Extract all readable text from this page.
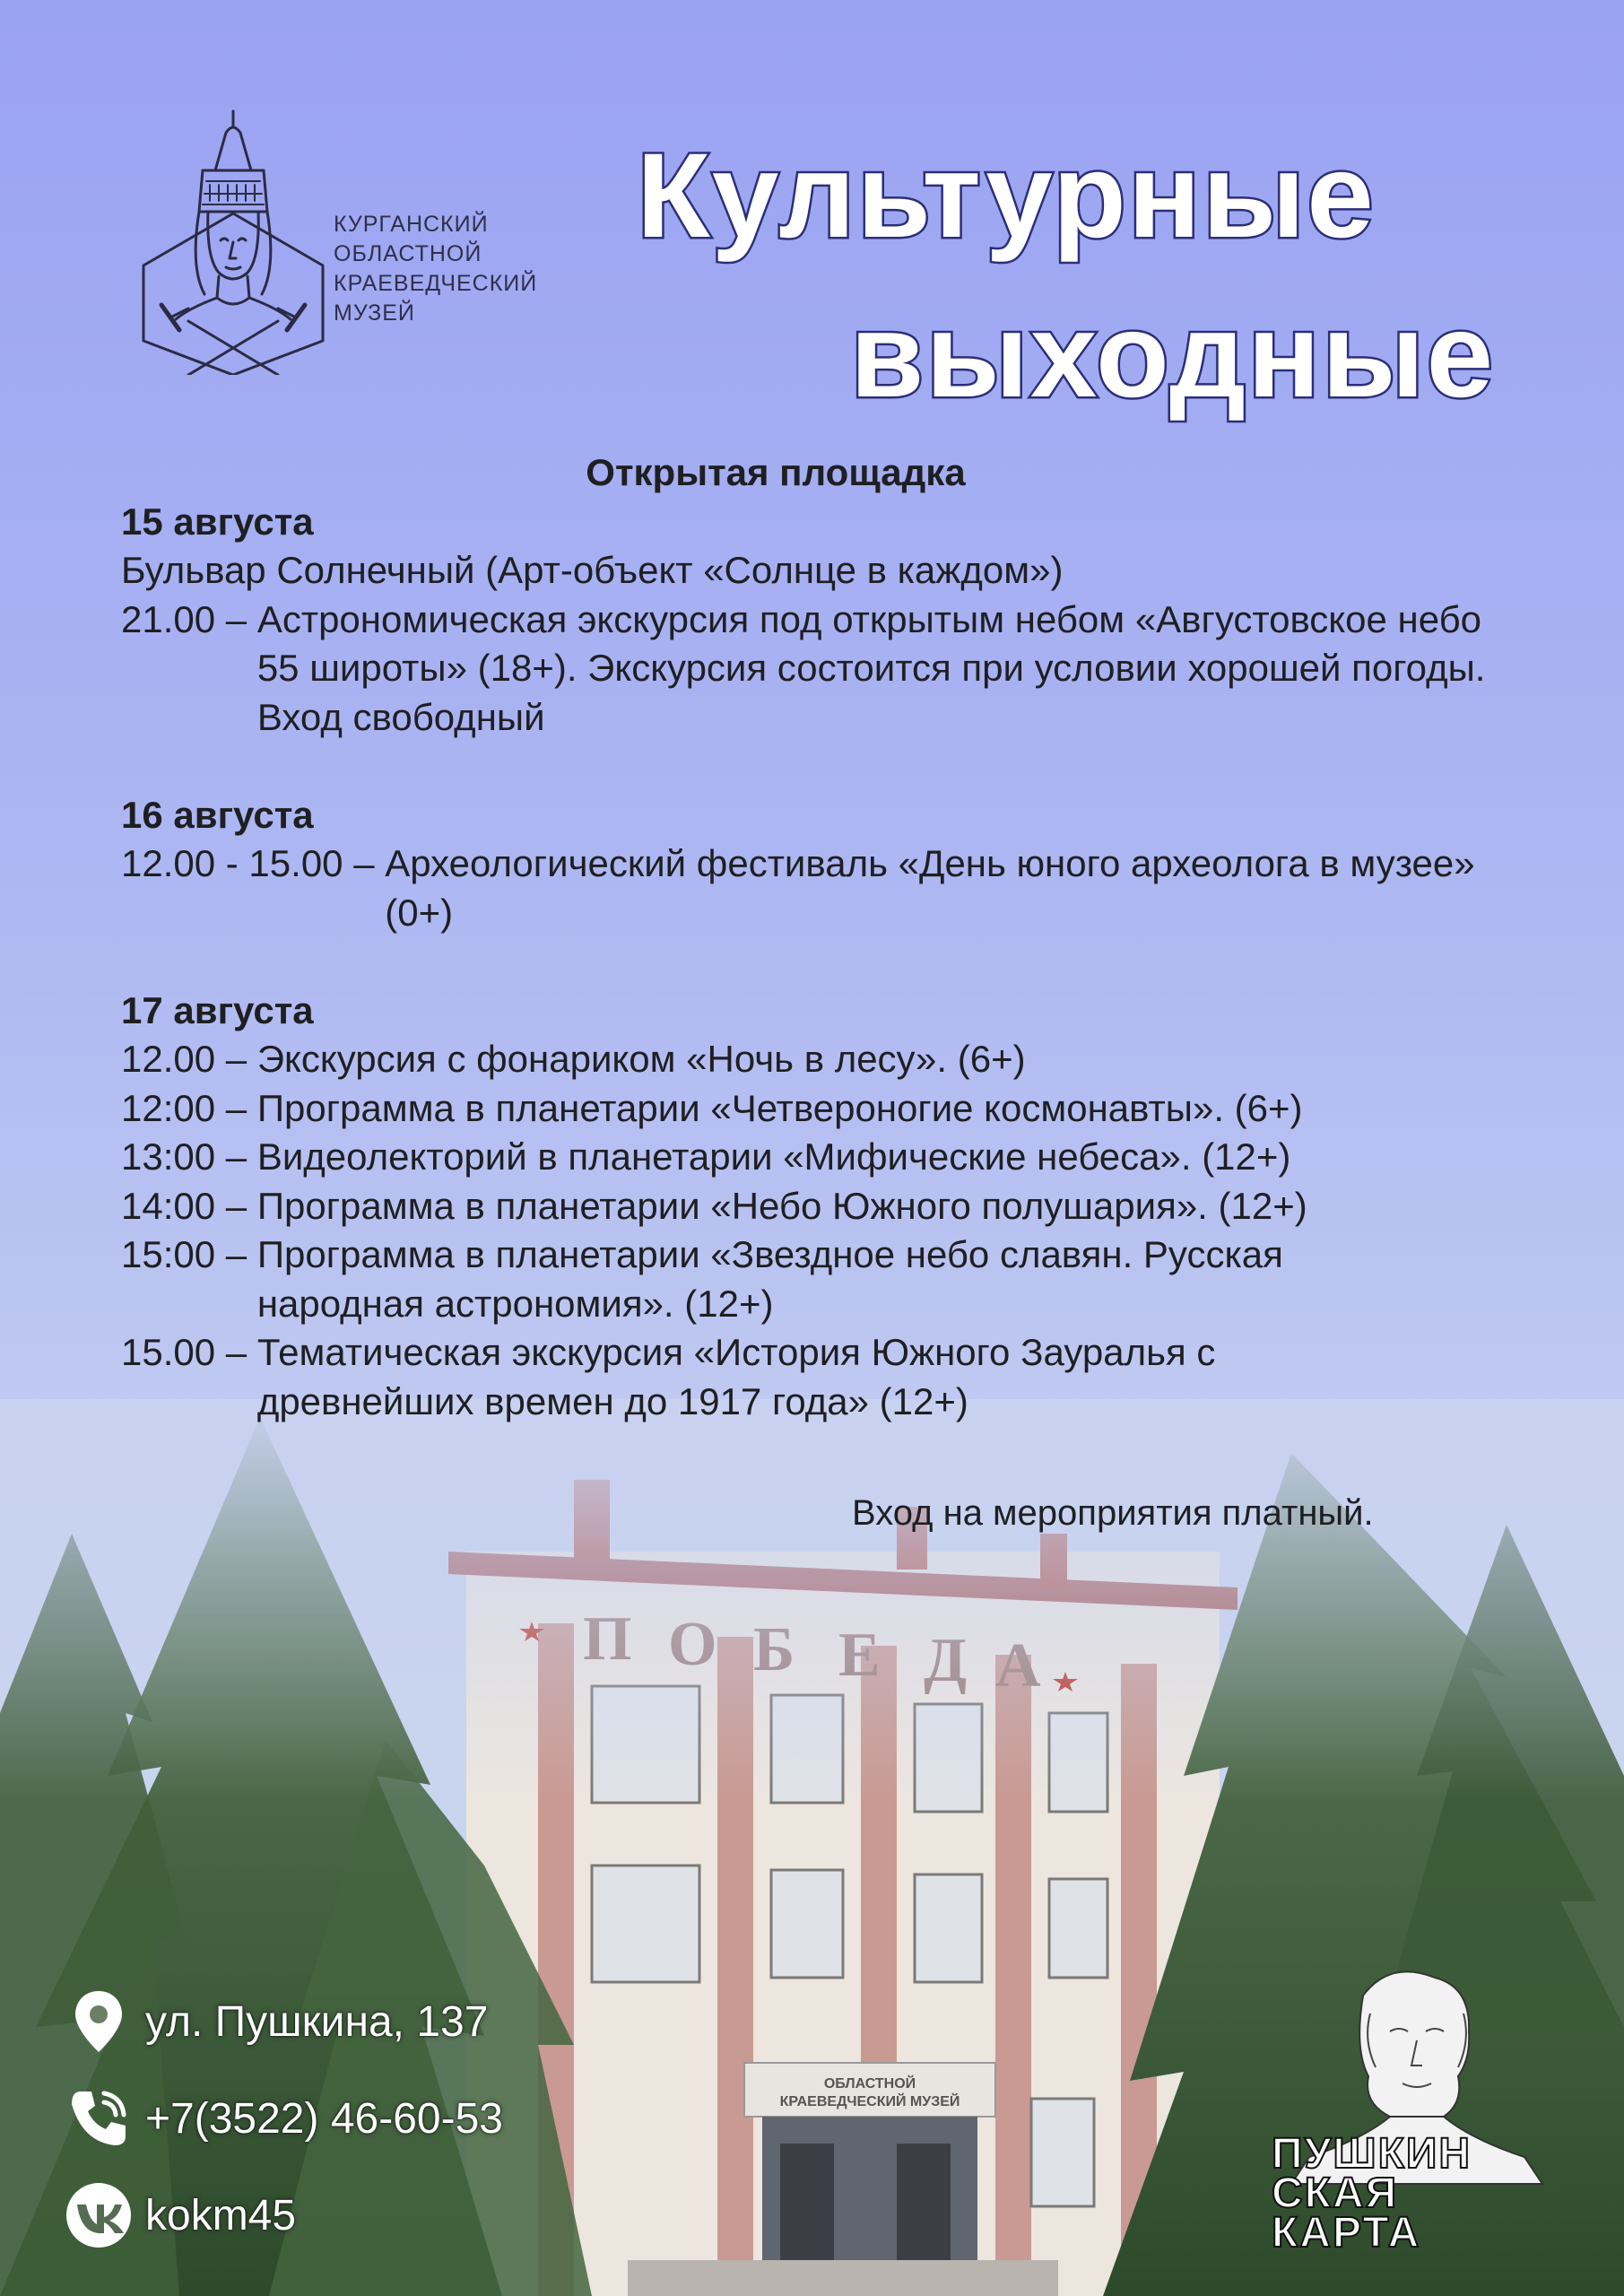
КУРГАНСКИЙ
ОБЛАСТНОЙ
КРАЕВЕДЧЕСКИЙ
МУЗЕЙ
Культурные
выходные
Открытая площадка
15 августа
Бульвар Солнечный (Арт-объект «Солнце в каждом»)
21.00 – Астрономическая экскурсия под открытым небом «Августовское небо 55 широты» (18+). Экскурсия состоится при условии хорошей погоды. Вход свободный
16 августа
12.00 - 15.00 – Археологический фестиваль «День юного археолога в музее» (0+)
17 августа
12.00 – Экскурсия с фонариком «Ночь в лесу». (6+)
12:00 – Программа в планетарии «Четвероногие космонавты». (6+)
13:00 – Видеолекторий в планетарии «Мифические небеса». (12+)
14:00 – Программа в планетарии «Небо Южного полушария». (12+)
15:00 – Программа в планетарии «Звездное небо славян. Русская народная астрономия». (12+)
15.00 – Тематическая экскурсия «История Южного Зауралья с древнейших времен до 1917 года» (12+)
Вход на мероприятия платный.
ул. Пушкина, 137
+7(3522) 46-60-53
kokm45
ПУШКИН
СКАЯ
КАРТА
